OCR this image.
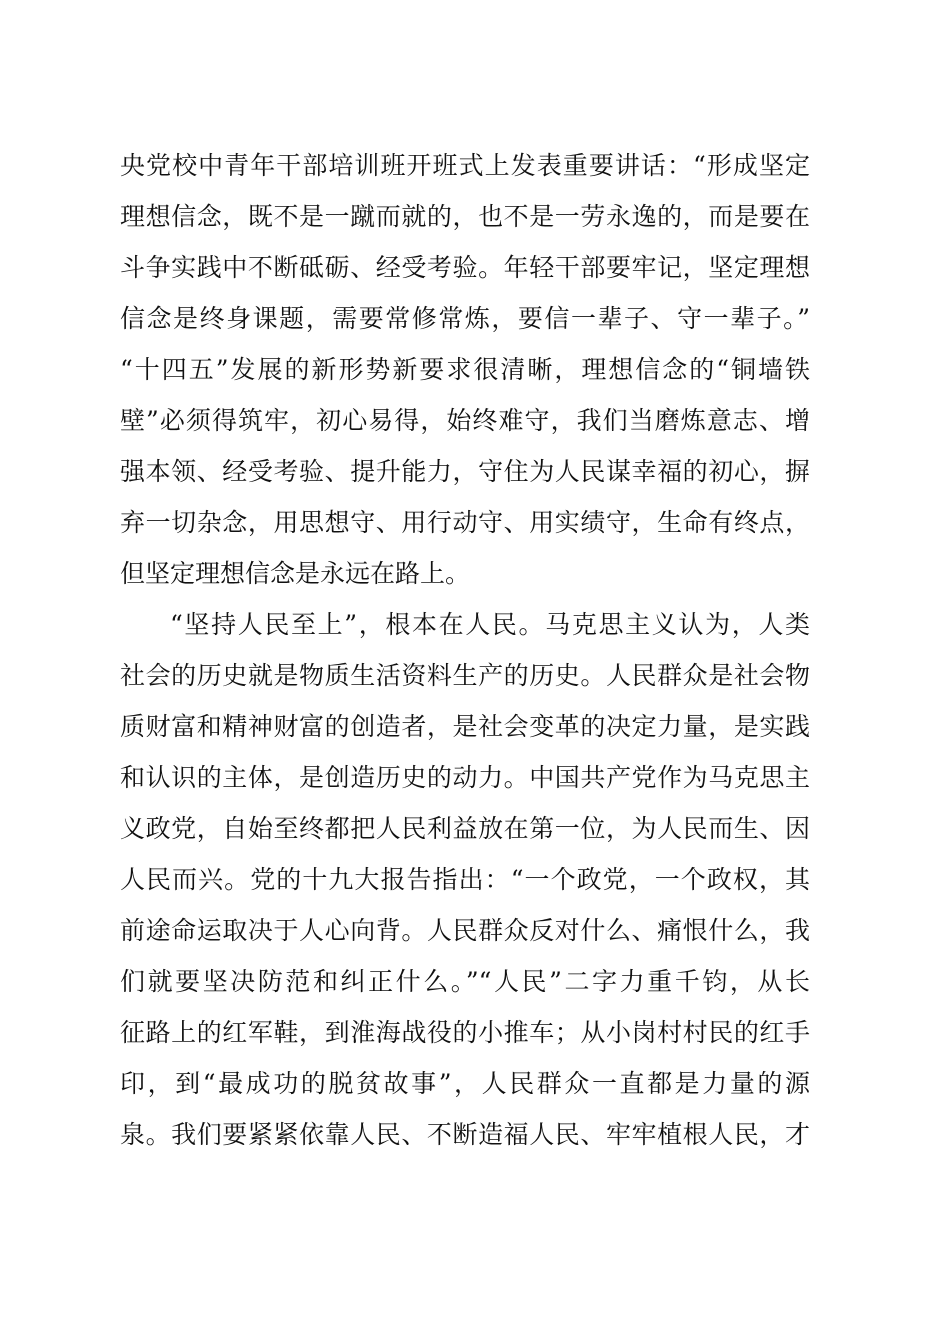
央党校中青年干部培训班开班式上发表重要讲话：“形成坚定
理想信念，既不是一蹴而就的，也不是一劳永逸的，而是要在
斗争实践中不断砥砺、经受考验。年轻干部要牢记，坚定理想
信念是终身课题，需要常修常炼，要信一辈子、守一辈子。”
“十四五”发展的新形势新要求很清晰，理想信念的“铜墙铁
壁”必须得筑牢，初心易得，始终难守，我们当磨炼意志、增
强本领、经受考验、提升能力，守住为人民谋幸福的初心，摒
弃一切杂念，用思想守、用行动守、用实绩守，生命有终点，
但坚定理想信念是永远在路上。
“坚持人民至上”，根本在人民。马克思主义认为，人类
社会的历史就是物质生活资料生产的历史。人民群众是社会物
质财富和精神财富的创造者，是社会变革的决定力量，是实践
和认识的主体，是创造历史的动力。中国共产党作为马克思主
义政党，自始至终都把人民利益放在第一位，为人民而生、因
人民而兴。党的十九大报告指出：“一个政党，一个政权，其
前途命运取决于人心向背。人民群众反对什么、痛恨什么，我
们就要坚决防范和纠正什么。”“人民”二字力重千钧，从长
征路上的红军鞋，到淮海战役的小推车；从小岗村村民的红手
印，到“最成功的脱贫故事”，人民群众一直都是力量的源
泉。我们要紧紧依靠人民、不断造福人民、牢牢植根人民，才
